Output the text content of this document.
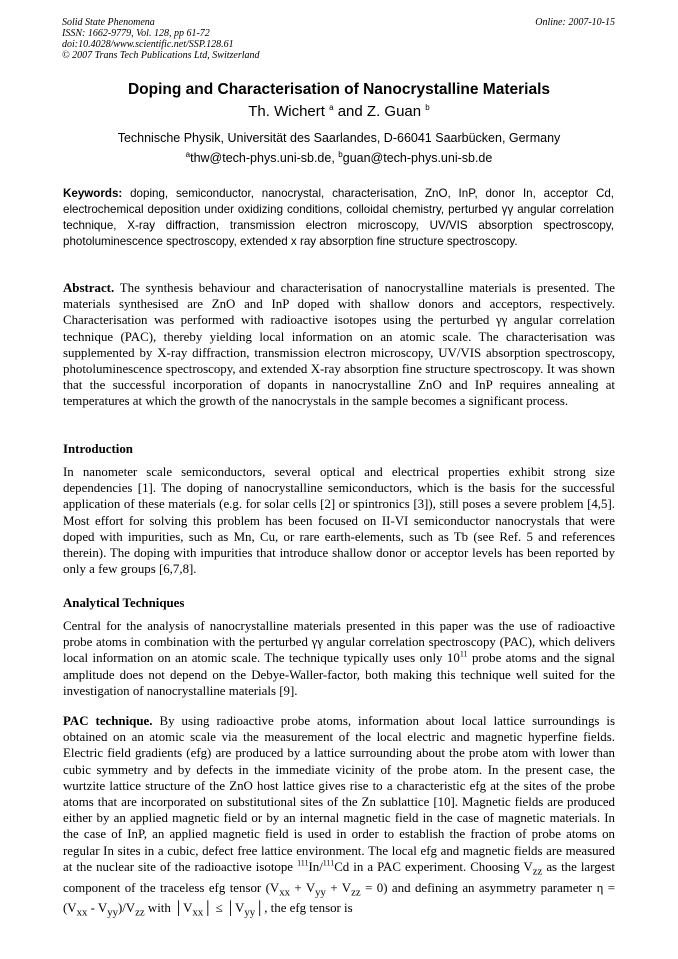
Solid State Phenomena
ISSN: 1662-9779, Vol. 128, pp 61-72
doi:10.4028/www.scientific.net/SSP.128.61
© 2007 Trans Tech Publications Ltd, Switzerland
Online: 2007-10-15
Doping and Characterisation of Nanocrystalline Materials
Th. Wichert $^a$ and Z. Guan $^b$
Technische Physik, Universität des Saarlandes, D-66041 Saarbücken, Germany
$^a$thw@tech-phys.uni-sb.de, $^b$guan@tech-phys.uni-sb.de
Keywords: doping, semiconductor, nanocrystal, characterisation, ZnO, InP, donor In, acceptor Cd, electrochemical deposition under oxidizing conditions, colloidal chemistry, perturbed γγ angular correlation technique, X-ray diffraction, transmission electron microscopy, UV/VIS absorption spectroscopy, photoluminescence spectroscopy, extended x ray absorption fine structure spectroscopy.
Abstract. The synthesis behaviour and characterisation of nanocrystalline materials is presented. The materials synthesised are ZnO and InP doped with shallow donors and acceptors, respectively. Characterisation was performed with radioactive isotopes using the perturbed γγ angular correlation technique (PAC), thereby yielding local information on an atomic scale. The characterisation was supplemented by X-ray diffraction, transmission electron microscopy, UV/VIS absorption spectroscopy, photoluminescence spectroscopy, and extended X-ray absorption fine structure spectroscopy. It was shown that the successful incorporation of dopants in nanocrystalline ZnO and InP requires annealing at temperatures at which the growth of the nanocrystals in the sample becomes a significant process.
Introduction
In nanometer scale semiconductors, several optical and electrical properties exhibit strong size dependencies [1]. The doping of nanocrystalline semiconductors, which is the basis for the successful application of these materials (e.g. for solar cells [2] or spintronics [3]), still poses a severe problem [4,5]. Most effort for solving this problem has been focused on II-VI semiconductor nanocrystals that were doped with impurities, such as Mn, Cu, or rare earth-elements, such as Tb (see Ref. 5 and references therein). The doping with impurities that introduce shallow donor or acceptor levels has been reported by only a few groups [6,7,8].
Analytical Techniques
Central for the analysis of nanocrystalline materials presented in this paper was the use of radioactive probe atoms in combination with the perturbed γγ angular correlation spectroscopy (PAC), which delivers local information on an atomic scale. The technique typically uses only $10^{11}$ probe atoms and the signal amplitude does not depend on the Debye-Waller-factor, both making this technique well suited for the investigation of nanocrystalline materials [9].
PAC technique. By using radioactive probe atoms, information about local lattice surroundings is obtained on an atomic scale via the measurement of the local electric and magnetic hyperfine fields. Electric field gradients (efg) are produced by a lattice surrounding about the probe atom with lower than cubic symmetry and by defects in the immediate vicinity of the probe atom. In the present case, the wurtzite lattice structure of the ZnO host lattice gives rise to a characteristic efg at the sites of the probe atoms that are incorporated on substitutional sites of the Zn sublattice [10]. Magnetic fields are produced either by an applied magnetic field or by an internal magnetic field in the case of magnetic materials. In the case of InP, an applied magnetic field is used in order to establish the fraction of probe atoms on regular In sites in a cubic, defect free lattice environment. The local efg and magnetic fields are measured at the nuclear site of the radioactive isotope $^{111}$In/$^{111}$Cd in a PAC experiment. Choosing $V_{zz}$ as the largest component of the traceless efg tensor $(V_{xx} + V_{yy} + V_{zz} = 0)$ and defining an asymmetry parameter $\eta = (V_{xx} - V_{yy})/V_{zz}$ with $│V_{xx}│$ ≤ $│V_{yy}│$, the efg tensor is
